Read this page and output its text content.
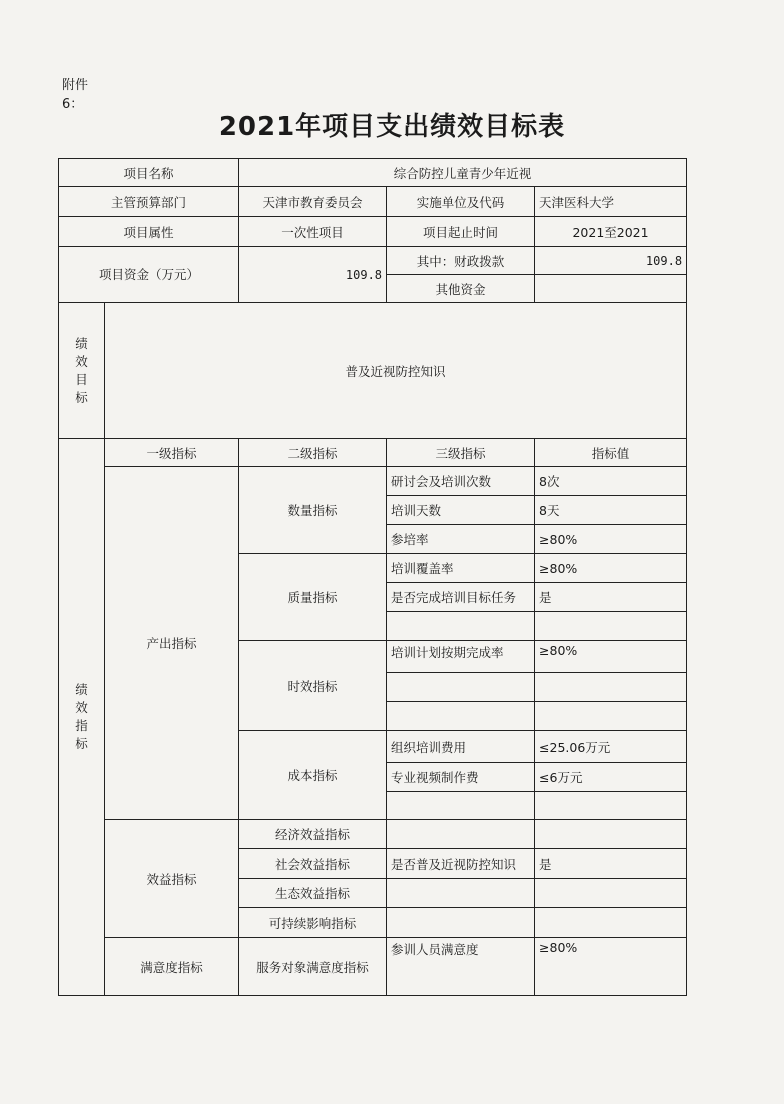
附件6：
2021年项目支出绩效目标表
项目名称		综合防控儿童青少年近视		
主管预算部门		天津市教育委员会	实施单位及代码	天津医科大学
项目属性		一次性项目	项目起止时间	2021至2021
项目资金（万元）		109.8	其中：财政拨款	109.8
			其他资金	
绩效目标	普及近视防控知识			
绩效指标	一级指标	二级指标	三级指标	指标值
	产出指标	数量指标	研讨会及培训次数	8次
			培训天数	8天
			参培率	≥80%
		质量指标	培训覆盖率	≥80%
			是否完成培训目标任务	是

		时效指标	培训计划按期完成率	≥80%

		成本指标	组织培训费用	≤25.06万元
			专业视频制作费	≤6万元

	效益指标	经济效益指标		
		社会效益指标	是否普及近视防控知识	是
		生态效益指标		
		可持续影响指标		
	满意度指标	服务对象满意度指标	参训人员满意度	≥80%
